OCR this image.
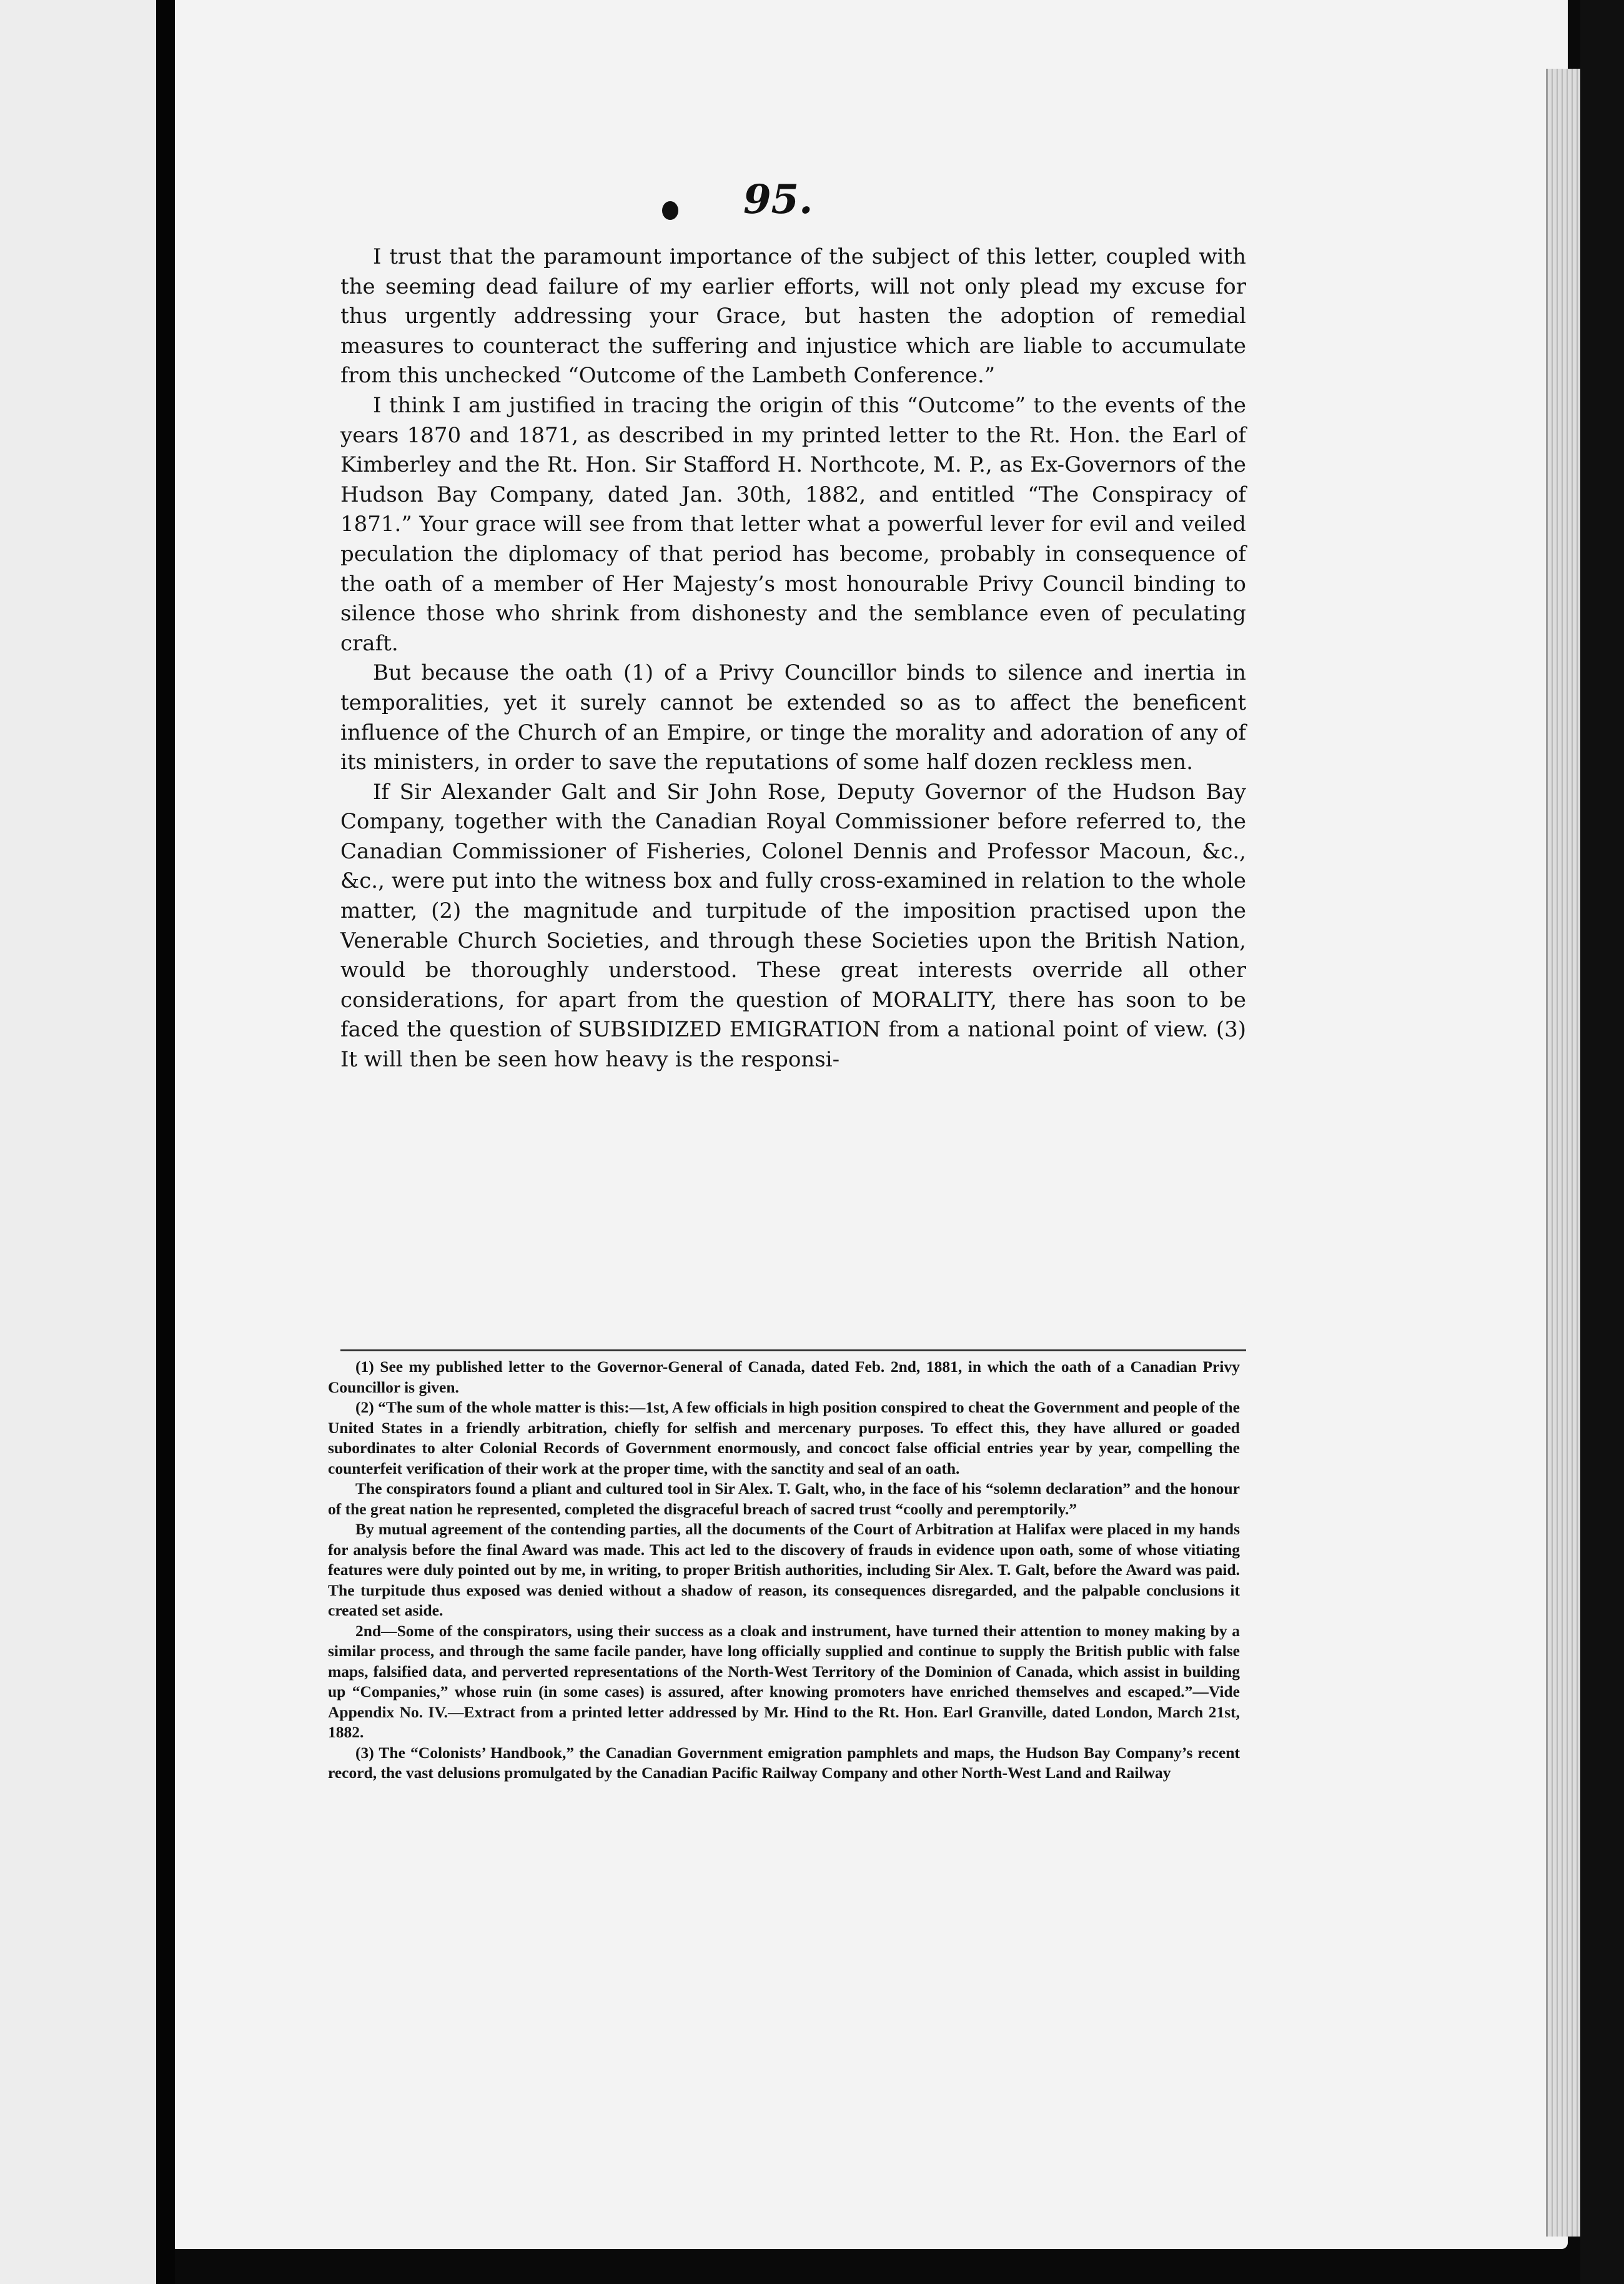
95.

I trust that the paramount importance of the subject of this letter, coupled with the seeming dead failure of my earlier efforts, will not only plead my excuse for thus urgently addressing your Grace, but hasten the adoption of remedial measures to counteract the suffering and injustice which are liable to accumulate from this unchecked “Outcome of the Lambeth Conference.”

I think I am justified in tracing the origin of this “Outcome” to the events of the years 1870 and 1871, as described in my printed letter to the Rt. Hon. the Earl of Kimberley and the Rt. Hon. Sir Stafford H. Northcote, M. P., as Ex-Governors of the Hudson Bay Company, dated Jan. 30th, 1882, and entitled “The Conspiracy of 1871.” Your grace will see from that letter what a powerful lever for evil and veiled peculation the diplomacy of that period has become, probably in consequence of the oath of a member of Her Majesty’s most honourable Privy Council binding to silence those who shrink from dishonesty and the semblance even of peculating craft.

But because the oath (1) of a Privy Councillor binds to silence and inertia in temporalities, yet it surely cannot be extended so as to affect the beneficent influence of the Church of an Empire, or tinge the morality and adoration of any of its ministers, in order to save the reputations of some half dozen reckless men.

If Sir Alexander Galt and Sir John Rose, Deputy Governor of the Hudson Bay Company, together with the Canadian Royal Commissioner before referred to, the Canadian Commissioner of Fisheries, Colonel Dennis and Professor Macoun, &c., &c., were put into the witness box and fully cross-examined in relation to the whole matter, (2) the magnitude and turpitude of the imposition practised upon the Venerable Church Societies, and through these Societies upon the British Nation, would be thoroughly understood. These great interests override all other considerations, for apart from the question of MORALITY, there has soon to be faced the question of SUBSIDIZED EMIGRATION from a national point of view. (3) It will then be seen how heavy is the responsi-

(1) See my published letter to the Governor-General of Canada, dated Feb. 2nd, 1881, in which the oath of a Canadian Privy Councillor is given.

(2) “The sum of the whole matter is this:—1st, A few officials in high position conspired to cheat the Government and people of the United States in a friendly arbitration, chiefly for selfish and mercenary purposes. To effect this, they have allured or goaded subordinates to alter Colonial Records of Government enormously, and concoct false official entries year by year, compelling the counterfeit verification of their work at the proper time, with the sanctity and seal of an oath.

The conspirators found a pliant and cultured tool in Sir Alex. T. Galt, who, in the face of his “solemn declaration” and the honour of the great nation he represented, completed the disgraceful breach of sacred trust “coolly and peremptorily.”

By mutual agreement of the contending parties, all the documents of the Court of Arbitration at Halifax were placed in my hands for analysis before the final Award was made. This act led to the discovery of frauds in evidence upon oath, some of whose vitiating features were duly pointed out by me, in writing, to proper British authorities, including Sir Alex. T. Galt, before the Award was paid. The turpitude thus exposed was denied without a shadow of reason, its consequences disregarded, and the palpable conclusions it created set aside.

2nd—Some of the conspirators, using their success as a cloak and instrument, have turned their attention to money making by a similar process, and through the same facile pander, have long officially supplied and continue to supply the British public with false maps, falsified data, and perverted representations of the North-West Territory of the Dominion of Canada, which assist in building up “Companies,” whose ruin (in some cases) is assured, after knowing promoters have enriched themselves and escaped.”—Vide Appendix No. IV.—Extract from a printed letter addressed by Mr. Hind to the Rt. Hon. Earl Granville, dated London, March 21st, 1882.

(3) The “Colonists’ Handbook,” the Canadian Government emigration pamphlets and maps, the Hudson Bay Company’s recent record, the vast delusions promulgated by the Canadian Pacific Railway Company and other North-West Land and Railway
